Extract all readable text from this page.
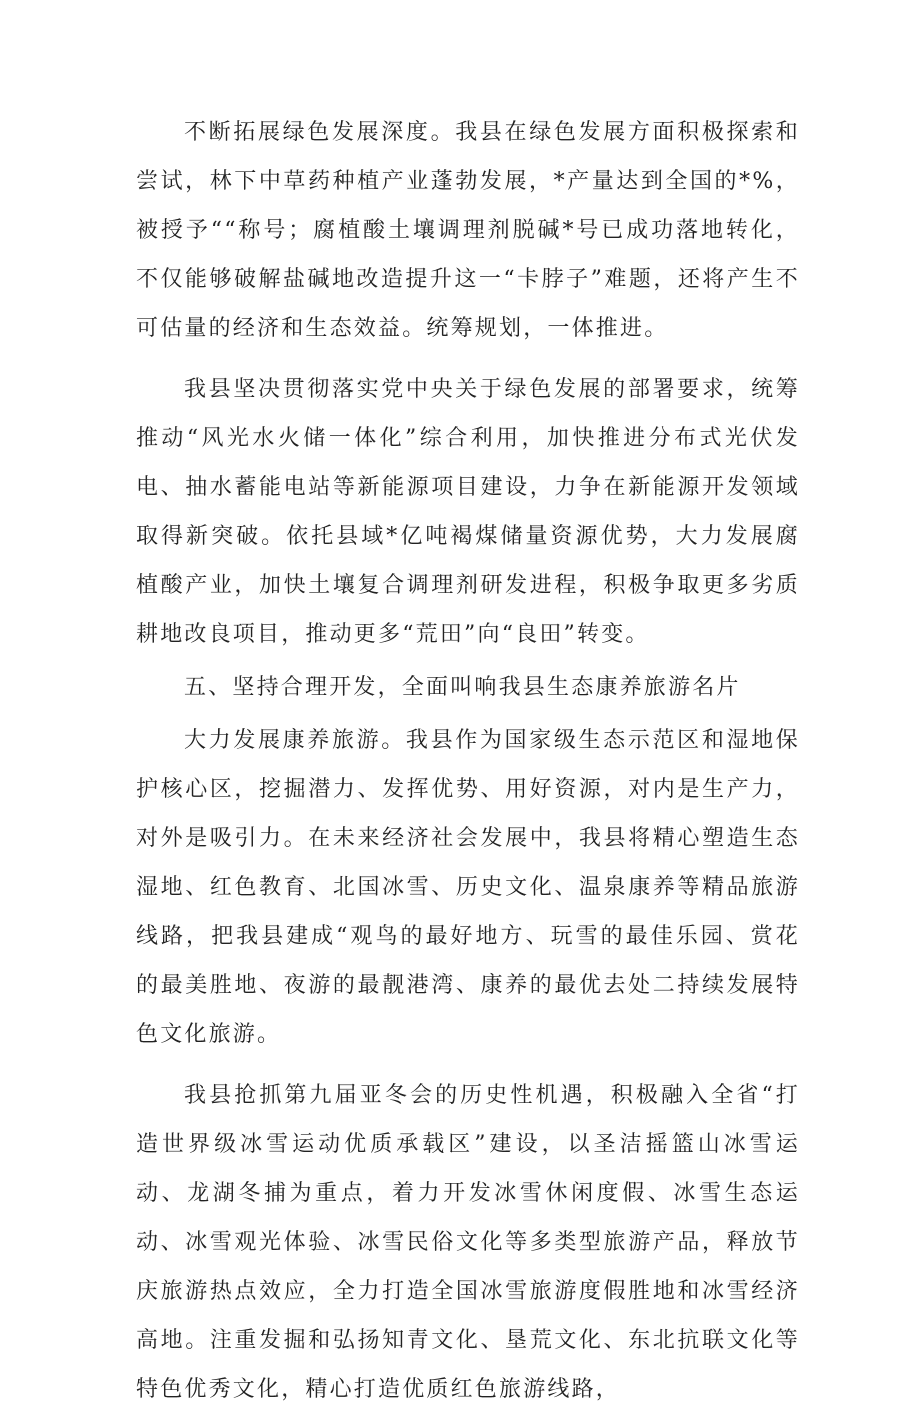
不断拓展绿色发展深度。我县在绿色发展方面积极探索和尝试，林下中草药种植产业蓬勃发展，*产量达到全国的*%，被授予““称号；腐植酸土壤调理剂脱碱*号已成功落地转化，不仅能够破解盐碱地改造提升这一“卡脖子”难题，还将产生不可估量的经济和生态效益。统筹规划，一体推进。

我县坚决贯彻落实党中央关于绿色发展的部署要求，统筹推动“风光水火储一体化”综合利用，加快推进分布式光伏发电、抽水蓄能电站等新能源项目建设，力争在新能源开发领域取得新突破。依托县域*亿吨褐煤储量资源优势，大力发展腐植酸产业，加快土壤复合调理剂研发进程，积极争取更多劣质耕地改良项目，推动更多“荒田”向“良田”转变。

五、坚持合理开发，全面叫响我县生态康养旅游名片

大力发展康养旅游。我县作为国家级生态示范区和湿地保护核心区，挖掘潜力、发挥优势、用好资源，对内是生产力，对外是吸引力。在未来经济社会发展中，我县将精心塑造生态湿地、红色教育、北国冰雪、历史文化、温泉康养等精品旅游线路，把我县建成“观鸟的最好地方、玩雪的最佳乐园、赏花的最美胜地、夜游的最靓港湾、康养的最优去处二持续发展特色文化旅游。

我县抢抓第九届亚冬会的历史性机遇，积极融入全省“打造世界级冰雪运动优质承载区”建设，以圣洁摇篮山冰雪运动、龙湖冬捕为重点，着力开发冰雪休闲度假、冰雪生态运动、冰雪观光体验、冰雪民俗文化等多类型旅游产品，释放节庆旅游热点效应，全力打造全国冰雪旅游度假胜地和冰雪经济高地。注重发掘和弘扬知青文化、垦荒文化、东北抗联文化等特色优秀文化，精心打造优质红色旅游线路，
